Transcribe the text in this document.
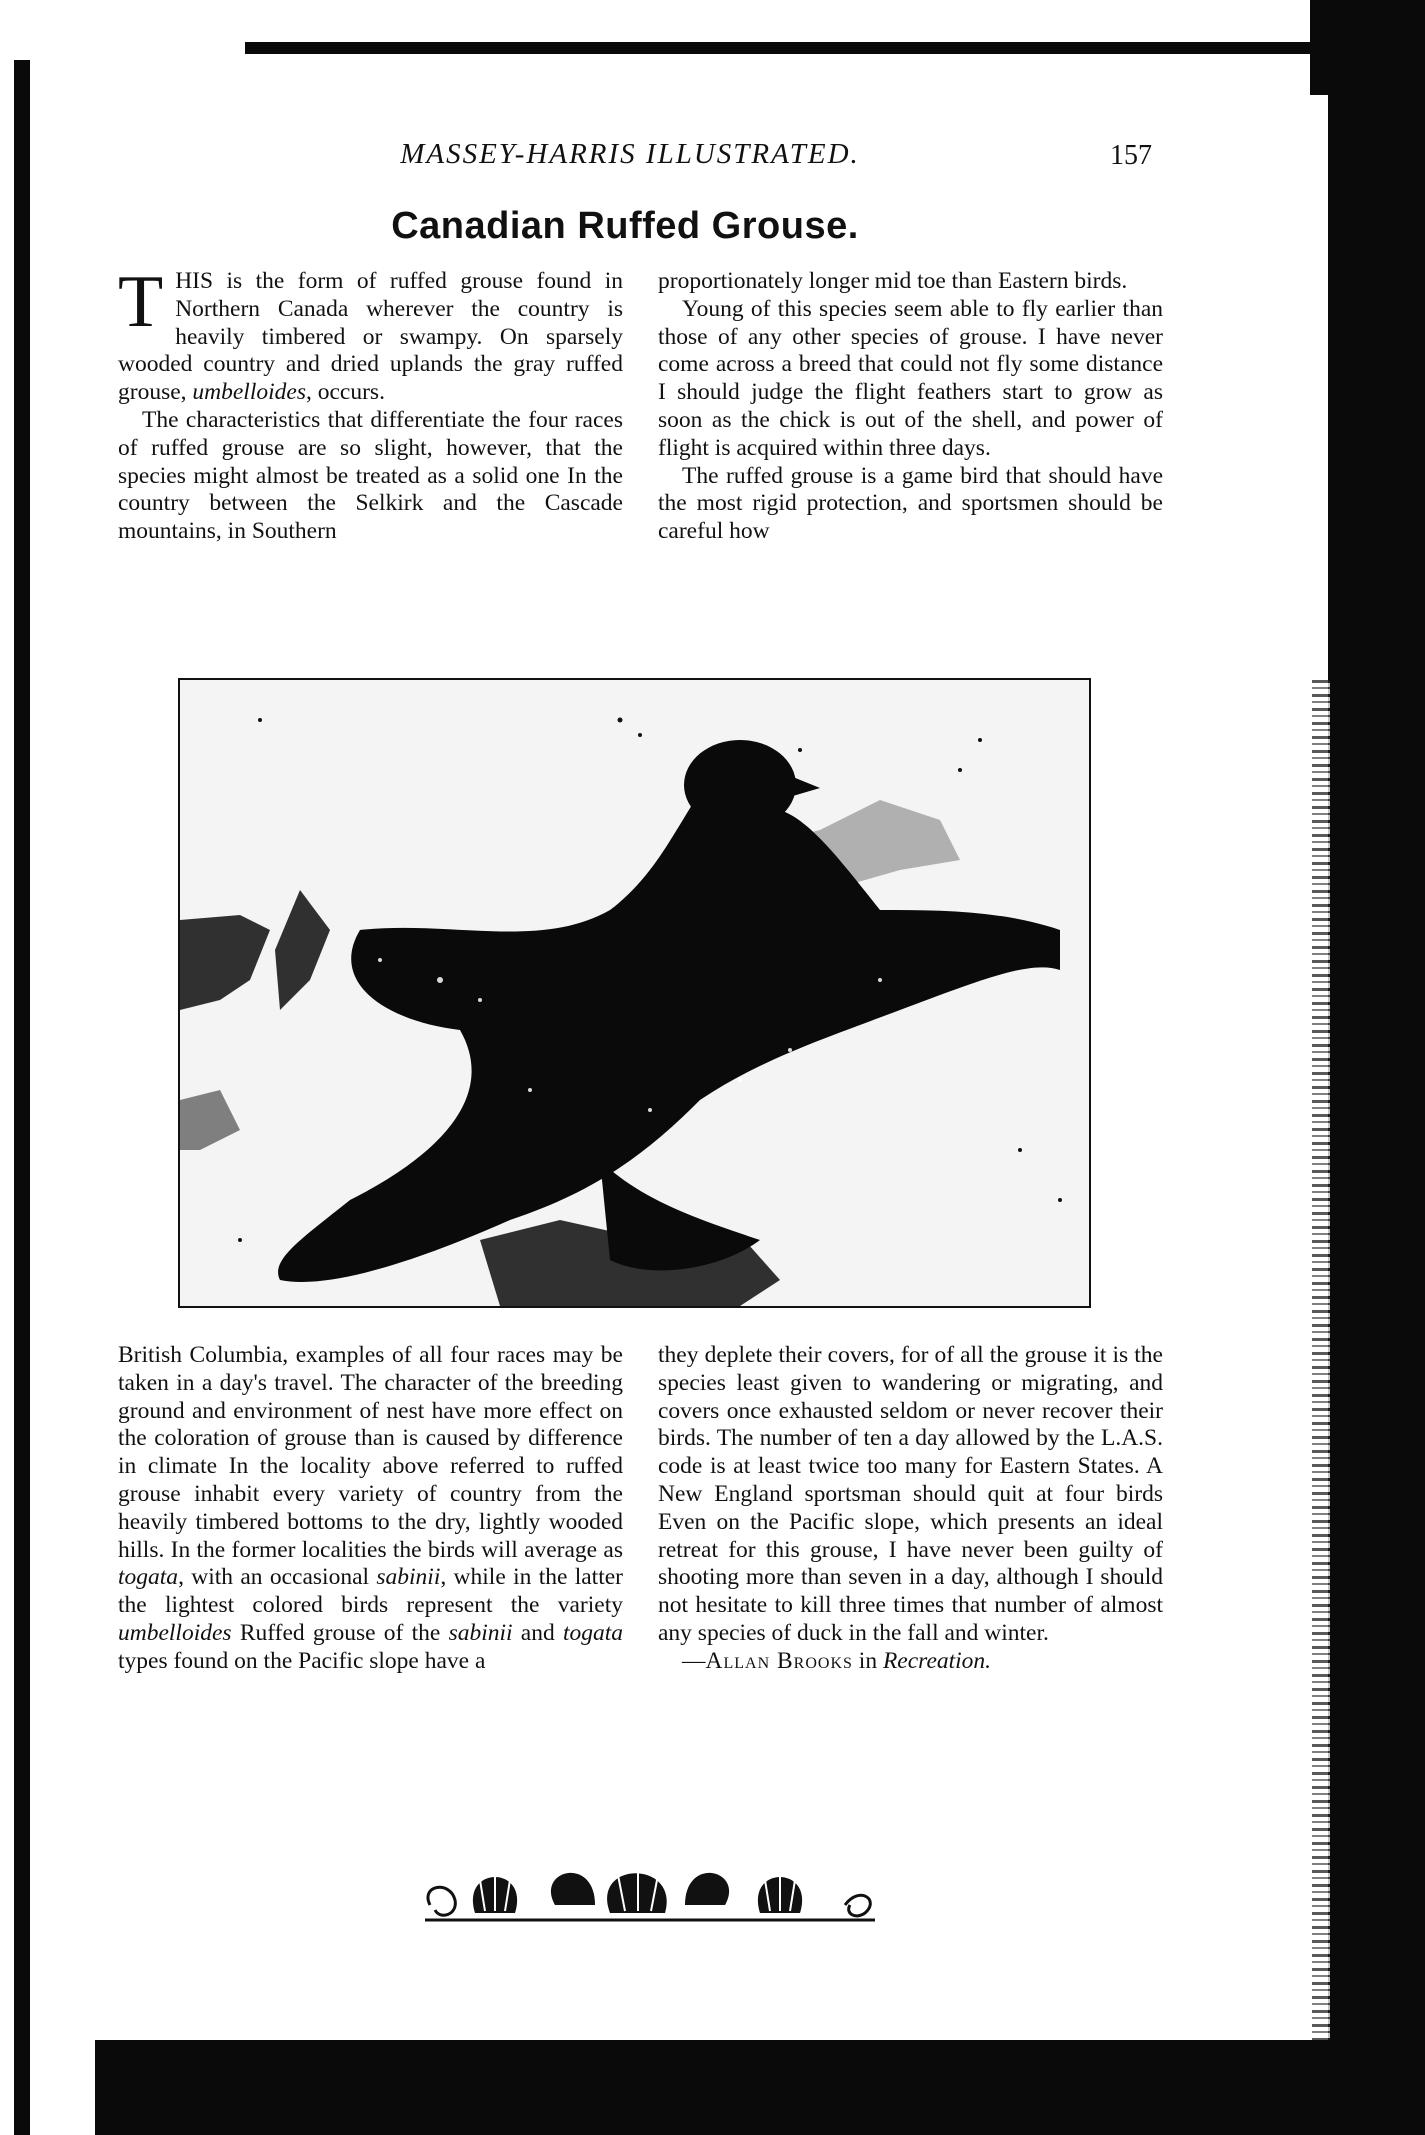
MASSEY-HARRIS ILLUSTRATED.	157
Canadian Ruffed Grouse.

THIS is the form of ruffed grouse found in Northern Canada wherever the country is heavily timbered or swampy. On sparsely wooded country and dried uplands the gray ruffed grouse, umbelloides, occurs.

The characteristics that differentiate the four races of ruffed grouse are so slight, however, that the species might almost be treated as a solid one In the country between the Selkirk and the Cascade mountains, in Southern

proportionately longer mid toe than Eastern birds.

Young of this species seem able to fly earlier than those of any other species of grouse. I have never come across a breed that could not fly some distance I should judge the flight feathers start to grow as soon as the chick is out of the shell, and power of flight is acquired within three days.

The ruffed grouse is a game bird that should have the most rigid protection, and sportsmen should be careful how

British Columbia, examples of all four races may be taken in a day's travel. The character of the breeding ground and environment of nest have more effect on the coloration of grouse than is caused by difference in climate In the locality above referred to ruffed grouse inhabit every variety of country from the heavily timbered bottoms to the dry, lightly wooded hills. In the former localities the birds will average as togata, with an occasional sabinii, while in the latter the lightest colored birds represent the variety umbelloides Ruffed grouse of the sabinii and togata types found on the Pacific slope have a

they deplete their covers, for of all the grouse it is the species least given to wandering or migrating, and covers once exhausted seldom or never recover their birds. The number of ten a day allowed by the L.A.S. code is at least twice too many for Eastern States. A New England sportsman should quit at four birds Even on the Pacific slope, which presents an ideal retreat for this grouse, I have never been guilty of shooting more than seven in a day, although I should not hesitate to kill three times that number of almost any species of duck in the fall and winter.

—Allan Brooks in Recreation.
